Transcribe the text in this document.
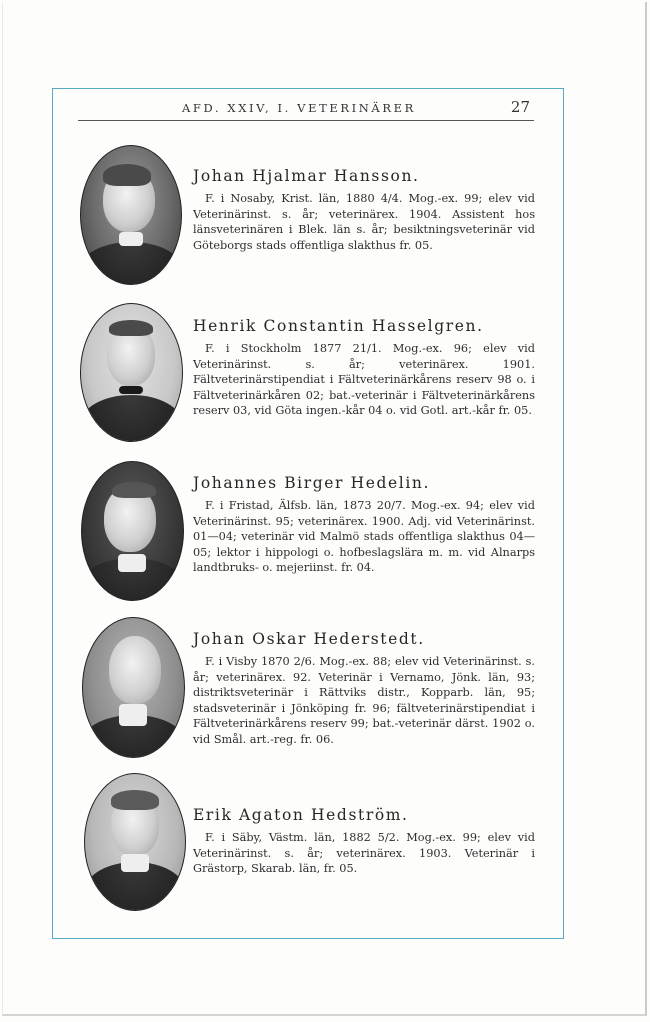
AFD. XXIV, I. VETERINÄRER	27
Johan Hjalmar Hansson.
F. i Nosaby, Krist. län, 1880 4/4. Mog.-ex. 99; elev vid Veterinärinst. s. år; veterinärex. 1904. Assistent hos länsveterinären i Blek. län s. år; besiktningsveterinär vid Göteborgs stads offentliga slakthus fr. 05.
Henrik Constantin Hasselgren.
F. i Stockholm 1877 21/1. Mog.-ex. 96; elev vid Veterinärinst. s. år; veterinärex. 1901. Fältveterinärstipendiat i Fältveterinärkårens reserv 98 o. i Fältveterinärkåren 02; bat.-veterinär i Fältveterinärkårens reserv 03, vid Göta ingen.-kår 04 o. vid Gotl. art.-kår fr. 05.
Johannes Birger Hedelin.
F. i Fristad, Älfsb. län, 1873 20/7. Mog.-ex. 94; elev vid Veterinärinst. 95; veterinärex. 1900. Adj. vid Veterinärinst. 01—04; veterinär vid Malmö stads offentliga slakthus 04—05; lektor i hippologi o. hofbeslagslära m. m. vid Alnarps landtbruks- o. mejeriinst. fr. 04.
Johan Oskar Hederstedt.
F. i Visby 1870 2/6. Mog.-ex. 88; elev vid Veterinärinst. s. år; veterinärex. 92. Veterinär i Vernamo, Jönk. län, 93; distriktsveterinär i Rättviks distr., Kopparb. län, 95; stadsveterinär i Jönköping fr. 96; fältveterinärstipendiat i Fältveterinärkårens reserv 99; bat.-veterinär därst. 1902 o. vid Smål. art.-reg. fr. 06.
Erik Agaton Hedström.
F. i Säby, Västm. län, 1882 5/2. Mog.-ex. 99; elev vid Veterinärinst. s. år; veterinärex. 1903. Veterinär i Grästorp, Skarab. län, fr. 05.
